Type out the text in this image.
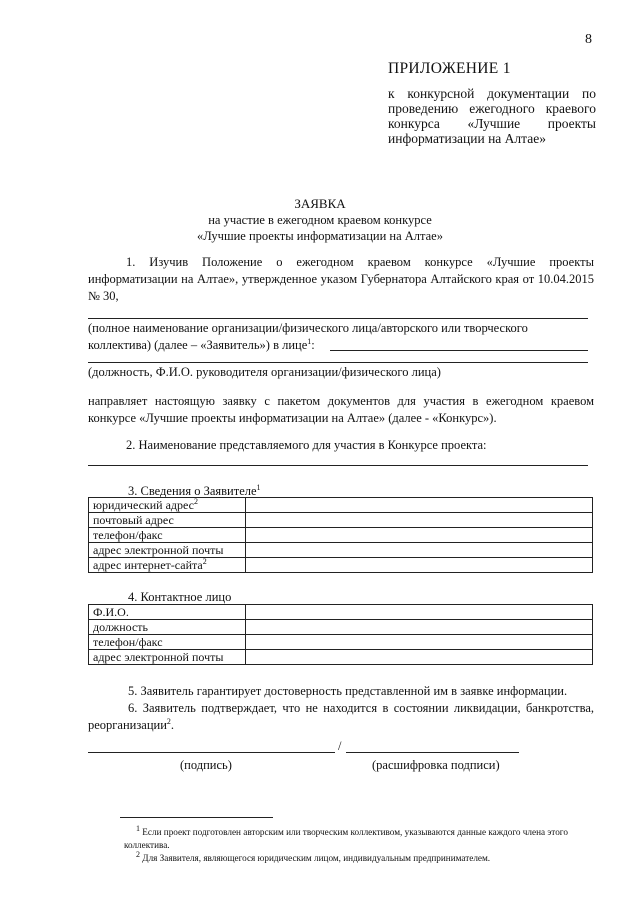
8
ПРИЛОЖЕНИЕ 1
к конкурсной документации по проведению ежегодного краевого конкурса «Лучшие проекты информатизации на Алтае»
ЗАЯВКА
на участие в ежегодном краевом конкурсе
«Лучшие проекты информатизации на Алтае»
1. Изучив Положение о ежегодном краевом конкурсе «Лучшие проекты информатизации на Алтае», утвержденное указом Губернатора Алтайского края от 10.04.2015 № 30,
(полное наименование организации/физического лица/авторского или творческого
коллектива) (далее – «Заявитель») в лице$^1$:
(должность, Ф.И.О. руководителя организации/физического лица)
направляет настоящую заявку с пакетом документов для участия в ежегодном краевом конкурсе «Лучшие проекты информатизации на Алтае» (далее - «Конкурс»).
2. Наименование представляемого для участия в Конкурсе проекта:
3. Сведения о Заявителе$^1$
юридический адрес$^2$	
почтовый адрес	
телефон/факс	
адрес электронной почты	
адрес интернет-сайта$^2$	
4. Контактное лицо
Ф.И.О.	
должность	
телефон/факс	
адрес электронной почты	
5. Заявитель гарантирует достоверность представленной им в заявке информации.
6. Заявитель подтверждает, что не находится в состоянии ликвидации, банкротства, реорганизации$^2$.
/
(подпись)	(расшифровка подписи)
$^1$ Если проект подготовлен авторским или творческим коллективом, указываются данные каждого члена этого коллектива.
$^2$ Для Заявителя, являющегося юридическим лицом, индивидуальным предпринимателем.
